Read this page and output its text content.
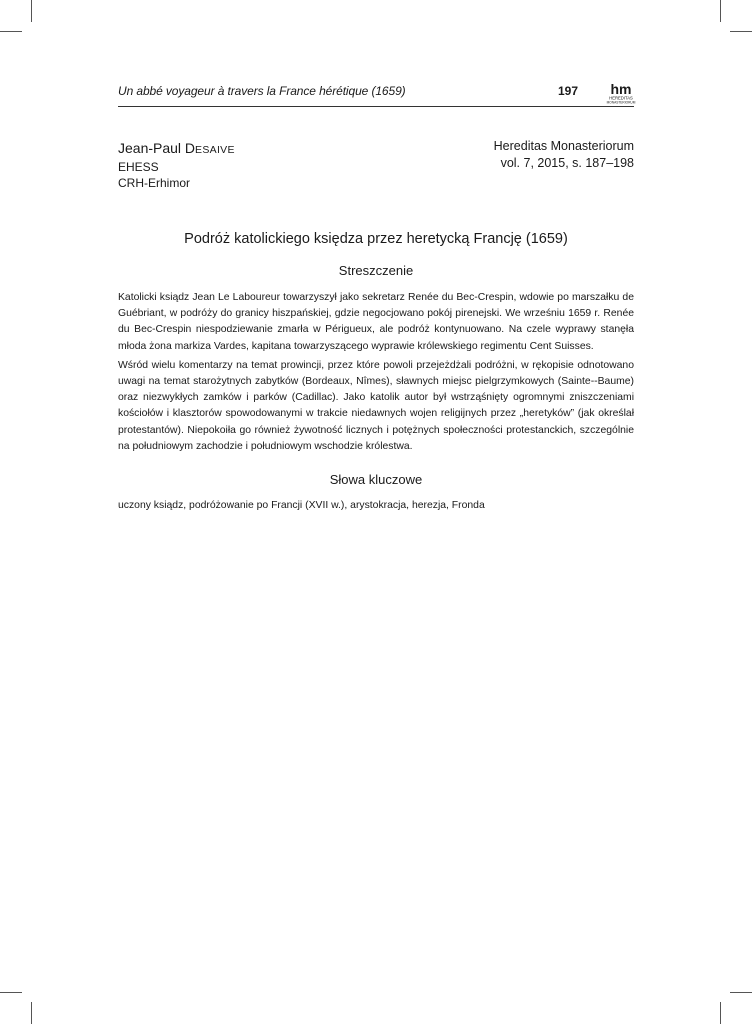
Un abbé voyageur à travers la France hérétique (1659)	197 hm
HEREDITAS
MONASTERIORUM
Jean-Paul DESAIVE
EHESS
CRH-Erhimor
Hereditas Monasteriorum
vol. 7, 2015, s. 187–198
Podróż katolickiego księdza przez heretycką Francję (1659)
Streszczenie

Katolicki ksiądz Jean Le Laboureur towarzyszył jako sekretarz Renée du Bec-Crespin, wdowie po marszałku de Guébriant, w podróży do granicy hiszpańskiej, gdzie negocjowano pokój pirenejski. We wrześniu 1659 r. Renée du Bec-Crespin niespodziewanie zmarła w Périgueux, ale podróż kontynuowano. Na czele wyprawy stanęła młoda żona markiza Vardes, kapitana towarzyszącego wyprawie królewskiego regimentu Cent Suisses.

Wśród wielu komentarzy na temat prowincji, przez które powoli przejeżdżali podróżni, w rękopisie odnotowano uwagi na temat starożytnych zabytków (Bordeaux, Nîmes), sławnych miejsc pielgrzymkowych (Sainte--Baume) oraz niezwykłych zamków i parków (Cadillac). Jako katolik autor był wstrząśnięty ogromnymi zniszczeniami kościołów i klasztorów spowodowanymi w trakcie niedawnych wojen religijnych przez „heretyków” (jak określał protestantów). Niepokoiła go również żywotność licznych i potężnych społeczności protestanckich, szczególnie na południowym zachodzie i południowym wschodzie królestwa.

Słowa kluczowe
uczony ksiądz, podróżowanie po Francji (XVII w.), arystokracja, herezja, Fronda
